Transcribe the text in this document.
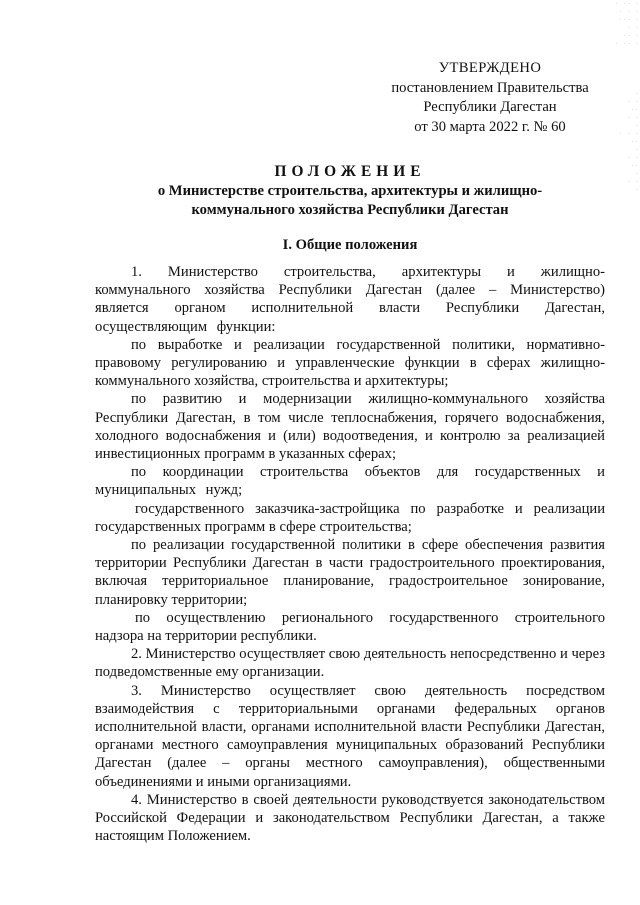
· ·· ·
· · ·
··· ·
· ·
·· ·
· ·· ·
·
· ·
··
· ·
·
· · ·
··
·
· ·
··
·
· ·
·
УТВЕРЖДЕНО
постановлением Правительства
Республики Дагестан
от 30 марта 2022 г. № 60
ПОЛОЖЕНИЕ
о Министерстве строительства, архитектуры и жилищно-
коммунального хозяйства Республики Дагестан
I. Общие положения

1. Министерство строительства, архитектуры и жилищно-коммунального хозяйства Республики Дагестан (далее – Министерство) является органом исполнительной власти Республики Дагестан, осуществляющим функции:

по выработке и реализации государственной политики, нормативно-правовому регулированию и управленческие функции в сферах жилищно-коммунального хозяйства, строительства и архитектуры;

по развитию и модернизации жилищно-коммунального хозяйства Республики Дагестан, в том числе теплоснабжения, горячего водоснабжения, холодного водоснабжения и (или) водоотведения, и контролю за реализацией инвестиционных программ в указанных сферах;

по координации строительства объектов для государственных и муниципальных нужд;

государственного заказчика-застройщика по разработке и реализации государственных программ в сфере строительства;

по реализации государственной политики в сфере обеспечения развития территории Республики Дагестан в части градостроительного проектирования, включая территориальное планирование, градостроительное зонирование, планировку территории;

по осуществлению регионального государственного строительного надзора на территории республики.

2. Министерство осуществляет свою деятельность непосредственно и через подведомственные ему организации.

3. Министерство осуществляет свою деятельность посредством взаимодействия с территориальными органами федеральных органов исполнительной власти, органами исполнительной власти Республики Дагестан, органами местного самоуправления муниципальных образований Республики Дагестан (далее – органы местного самоуправления), общественными объединениями и иными организациями.

4. Министерство в своей деятельности руководствуется законодательством Российской Федерации и законодательством Республики Дагестан, а также настоящим Положением.
